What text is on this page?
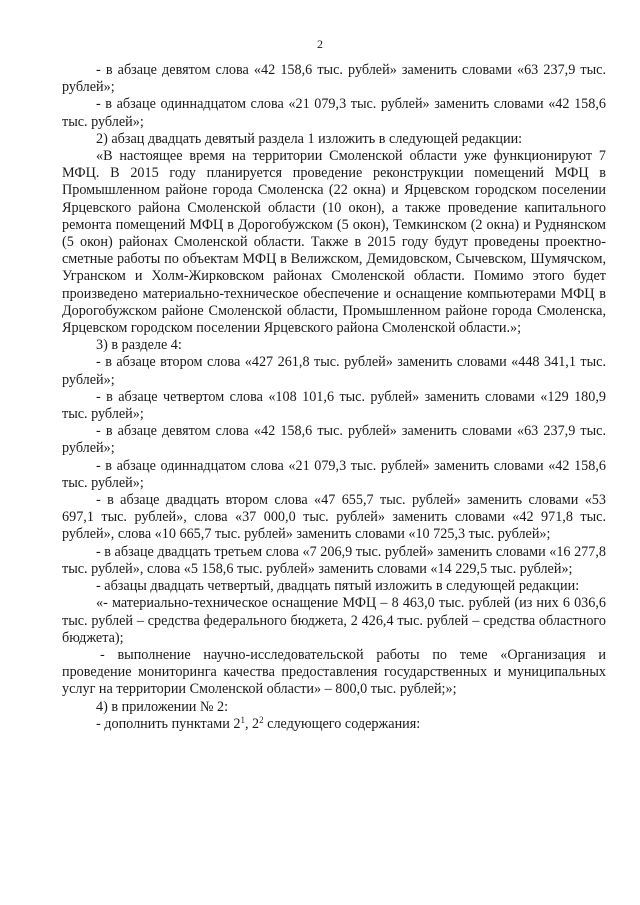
2

- в абзаце девятом слова «42 158,6 тыс. рублей» заменить словами «63 237,9 тыс. рублей»;

- в абзаце одиннадцатом слова «21 079,3 тыс. рублей» заменить словами «42 158,6 тыс. рублей»;

2) абзац двадцать девятый раздела 1 изложить в следующей редакции:

«В настоящее время на территории Смоленской области уже функционируют 7 МФЦ. В 2015 году планируется проведение реконструкции помещений МФЦ в Промышленном районе города Смоленска (22 окна) и Ярцевском городском поселении Ярцевского района Смоленской области (10 окон), а также проведение капитального ремонта помещений МФЦ в Дорогобужском (5 окон), Темкинском (2 окна) и Руднянском (5 окон) районах Смоленской области. Также в 2015 году будут проведены проектно-сметные работы по объектам МФЦ в Велижском, Демидовском, Сычевском, Шумячском, Угранском и Холм-Жирковском районах Смоленской области. Помимо этого будет произведено материально-техническое обеспечение и оснащение компьютерами МФЦ в Дорогобужском районе Смоленской области, Промышленном районе города Смоленска, Ярцевском городском поселении Ярцевского района Смоленской области.»;

3) в разделе 4:

- в абзаце втором слова «427 261,8 тыс. рублей» заменить словами «448 341,1 тыс. рублей»;

- в абзаце четвертом слова «108 101,6 тыс. рублей» заменить словами «129 180,9 тыс. рублей»;

- в абзаце девятом слова «42 158,6 тыс. рублей» заменить словами «63 237,9 тыс. рублей»;

- в абзаце одиннадцатом слова «21 079,3 тыс. рублей» заменить словами «42 158,6 тыс. рублей»;

- в абзаце двадцать втором слова «47 655,7 тыс. рублей» заменить словами «53 697,1 тыс. рублей», слова «37 000,0 тыс. рублей» заменить словами «42 971,8 тыс. рублей», слова «10 665,7 тыс. рублей» заменить словами «10 725,3 тыс. рублей»;

- в абзаце двадцать третьем слова «7 206,9 тыс. рублей» заменить словами «16 277,8 тыс. рублей», слова «5 158,6 тыс. рублей» заменить словами «14 229,5 тыс. рублей»;

- абзацы двадцать четвертый, двадцать пятый изложить в следующей редакции:

«- материально-техническое оснащение МФЦ – 8 463,0 тыс. рублей (из них 6 036,6 тыс. рублей – средства федерального бюджета, 2 426,4 тыс. рублей – средства областного бюджета);

- выполнение научно-исследовательской работы по теме «Организация и проведение мониторинга качества предоставления государственных и муниципальных услуг на территории Смоленской области» – 800,0 тыс. рублей;»;

4) в приложении № 2:

- дополнить пунктами $2^1$, $2^2$ следующего содержания:
